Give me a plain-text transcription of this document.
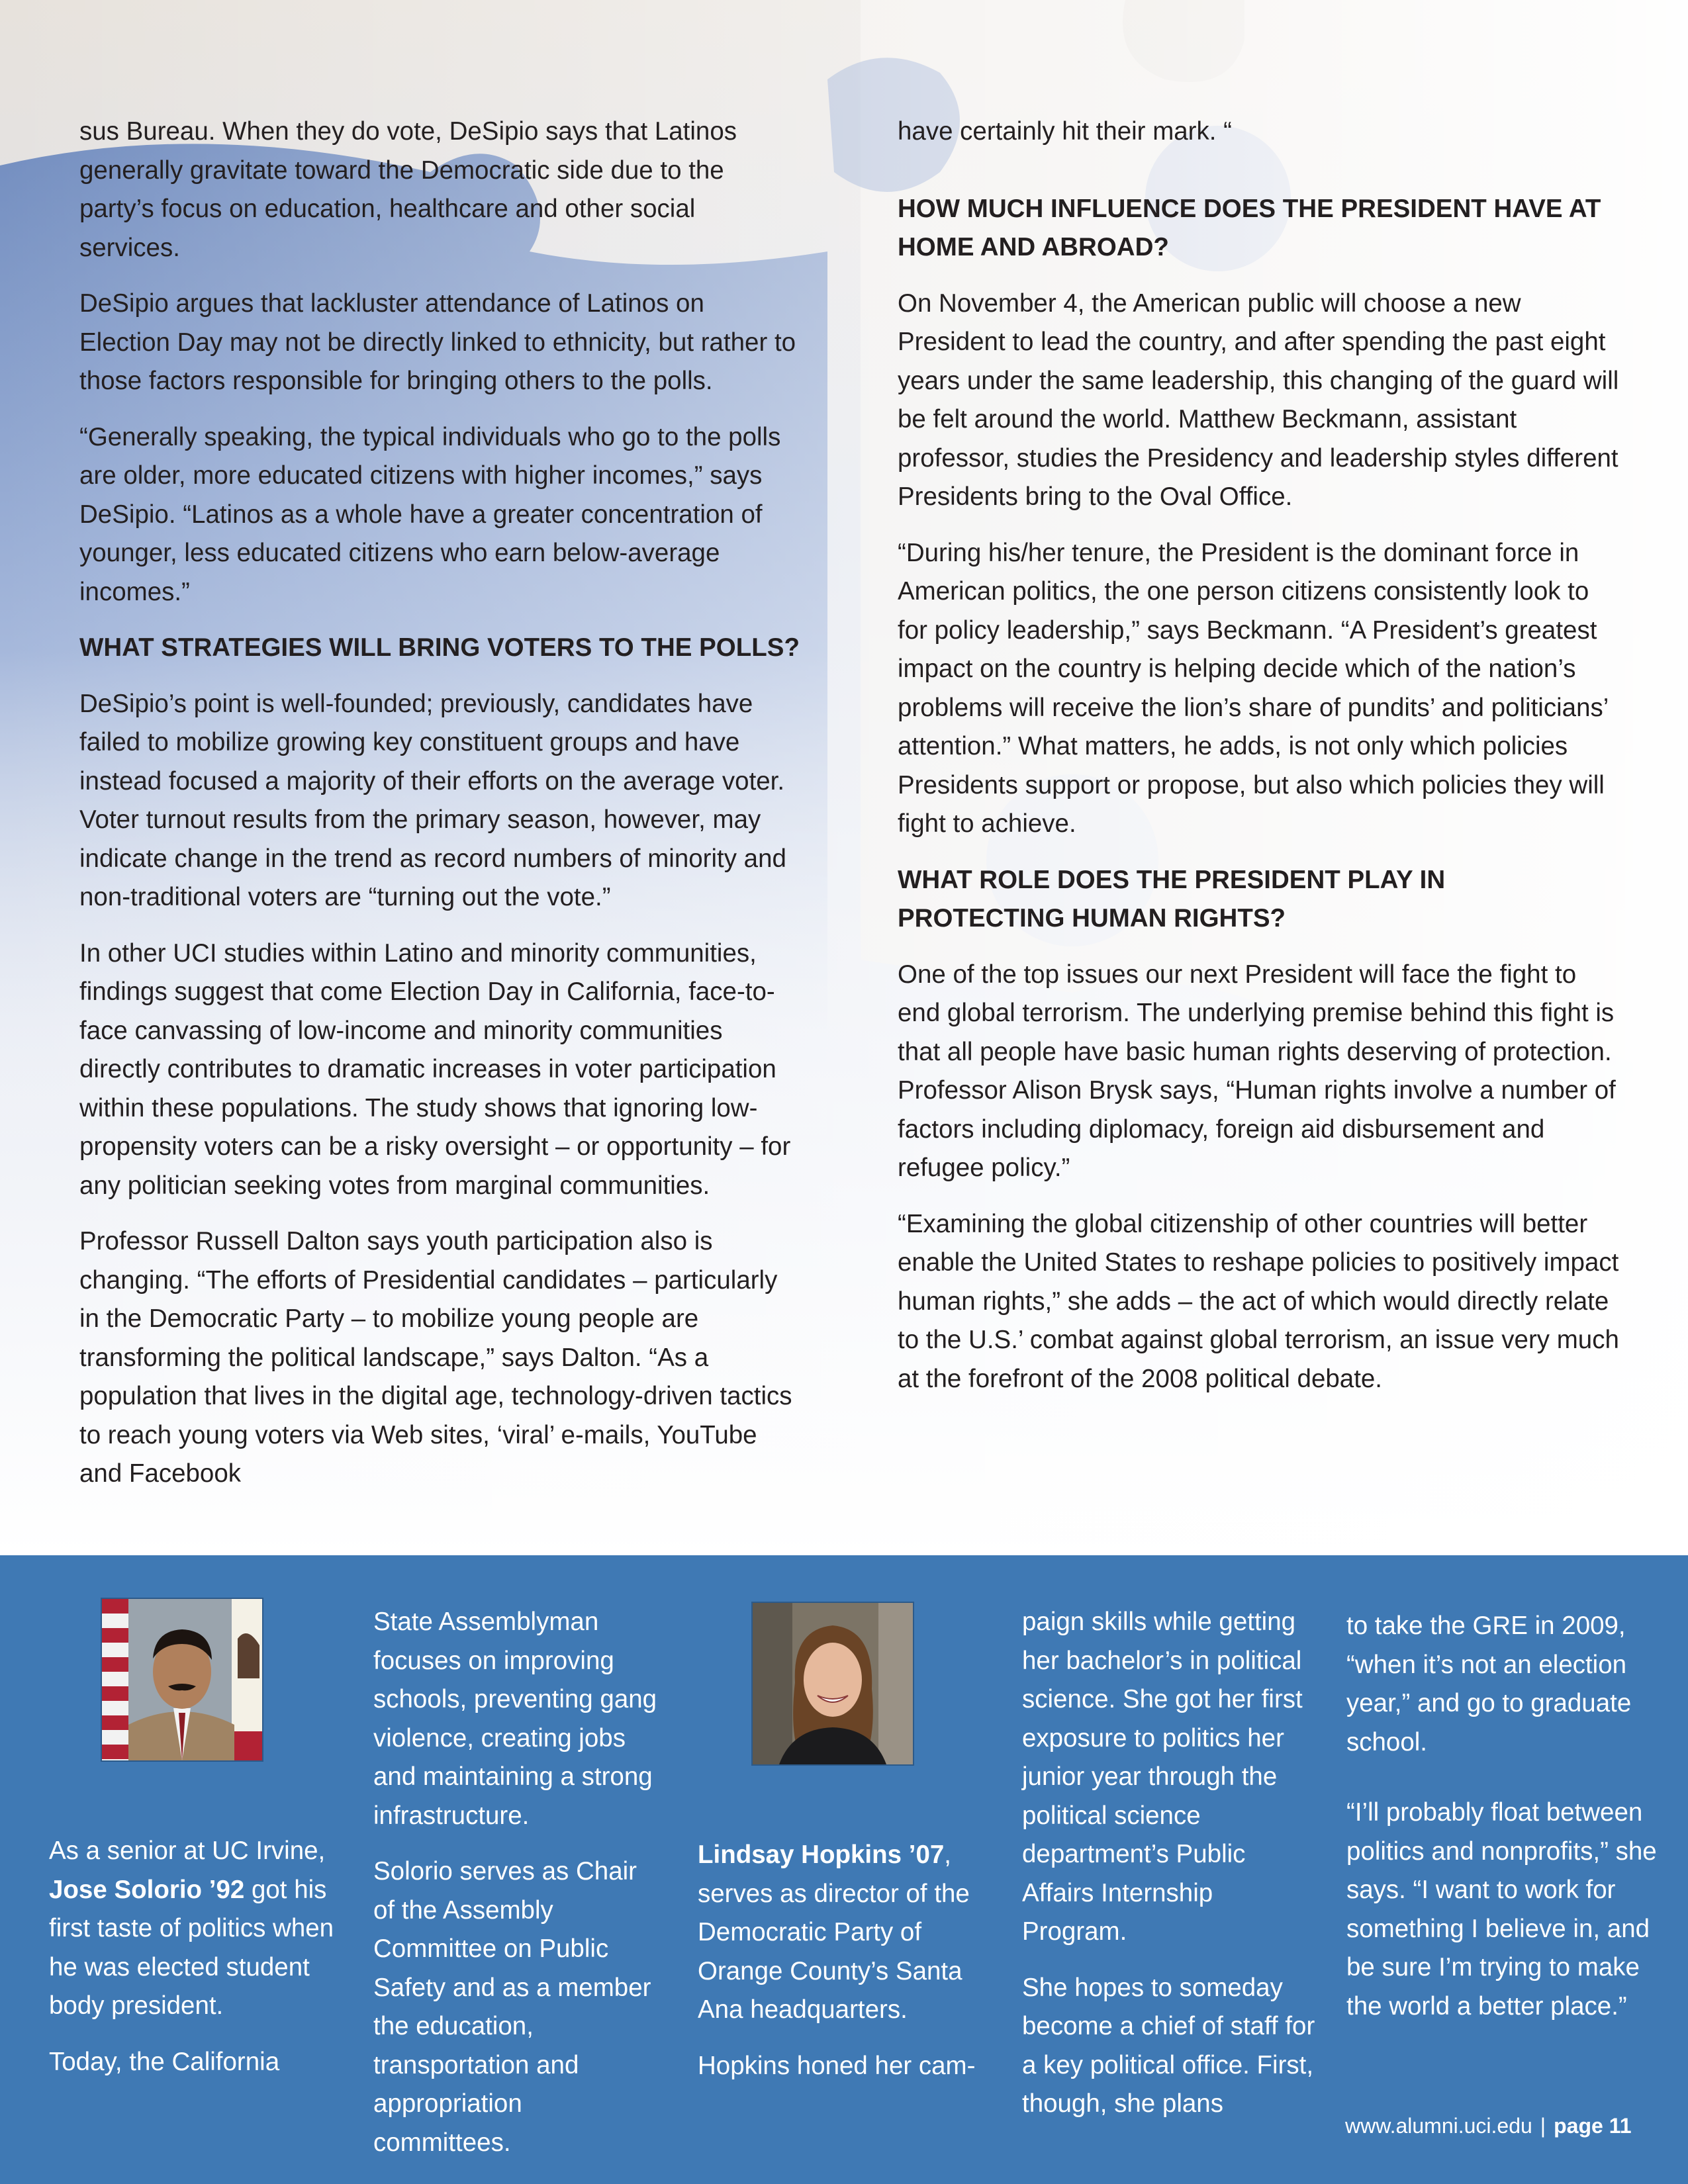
sus Bureau. When they do vote, DeSipio says that Latinos generally gravitate toward the Democratic side due to the party’s focus on education, healthcare and other social services.

DeSipio argues that lackluster attendance of Latinos on Election Day may not be directly linked to ethnicity, but rather to those factors responsible for bringing others to the polls.

“Generally speaking, the typical individuals who go to the polls are older, more educated citizens with higher incomes,” says DeSipio. “Latinos as a whole have a greater concentration of younger, less educated citizens who earn below-average incomes.”

WHAT STRATEGIES WILL BRING VOTERS TO THE POLLS?

DeSipio’s point is well-founded; previously, candidates have failed to mobilize growing key constituent groups and have instead focused a majority of their efforts on the average voter. Voter turnout results from the primary season, however, may indicate change in the trend as record numbers of minority and non-traditional voters are “turning out the vote.”

In other UCI studies within Latino and minority communities, findings suggest that come Election Day in California, face-to-face canvassing of low-income and minority communities directly contributes to dramatic increases in voter participation within these populations. The study shows that ignoring low-propensity voters can be a risky oversight – or opportunity – for any politician seeking votes from marginal communities.

Professor Russell Dalton says youth participation also is changing. “The efforts of Presidential candidates – particularly in the Democratic Party – to mobilize young people are transforming the political landscape,” says Dalton. “As a population that lives in the digital age, technology-driven tactics to reach young voters via Web sites, ‘viral’ e-mails, YouTube and Facebook

have certainly hit their mark. “

HOW MUCH INFLUENCE DOES THE PRESIDENT HAVE AT HOME AND ABROAD?

On November 4, the American public will choose a new President to lead the country, and after spending the past eight years under the same leadership, this changing of the guard will be felt around the world. Matthew Beckmann, assistant professor, studies the Presidency and leadership styles different Presidents bring to the Oval Office.

“During his/her tenure, the President is the dominant force in American politics, the one person citizens consistently look to for policy leadership,” says Beckmann. “A President’s greatest impact on the country is helping decide which of the nation’s problems will receive the lion’s share of pundits’ and politicians’ attention.” What matters, he adds, is not only which policies Presidents support or propose, but also which policies they will fight to achieve.

WHAT ROLE DOES THE PRESIDENT PLAY IN PROTECTING HUMAN RIGHTS?

One of the top issues our next President will face the fight to end global terrorism. The underlying premise behind this fight is that all people have basic human rights deserving of protection. Professor Alison Brysk says, “Human rights involve a number of factors including diplomacy, foreign aid disbursement and refugee policy.”

“Examining the global citizenship of other countries will better enable the United States to reshape policies to positively impact human rights,” she adds – the act of which would directly relate to the U.S.’ combat against global terrorism, an issue very much at the forefront of the 2008 political debate.

As a senior at UC Irvine, Jose Solorio ’92 got his first taste of politics when he was elected student body president.

Today, the California

State Assemblyman focuses on improving schools, preventing gang violence, creating jobs and maintaining a strong infrastructure.

Solorio serves as Chair of the Assembly Committee on Public Safety and as a member the education, transportation and appropriation committees.

Lindsay Hopkins ’07, serves as director of the Democratic Party of Orange County’s Santa Ana headquarters.

Hopkins honed her cam-

paign skills while getting her bachelor’s in political science. She got her first exposure to politics her junior year through the political science department’s Public Affairs Internship Program.

She hopes to someday become a chief of staff for a key political office. First, though, she plans

to take the GRE in 2009, “when it’s not an election year,” and go to graduate school.

“I’ll probably float between politics and nonprofits,” she says. “I want to work for something I believe in, and be sure I’m trying to make the world a better place.”

www.alumni.uci.edu | page 11
